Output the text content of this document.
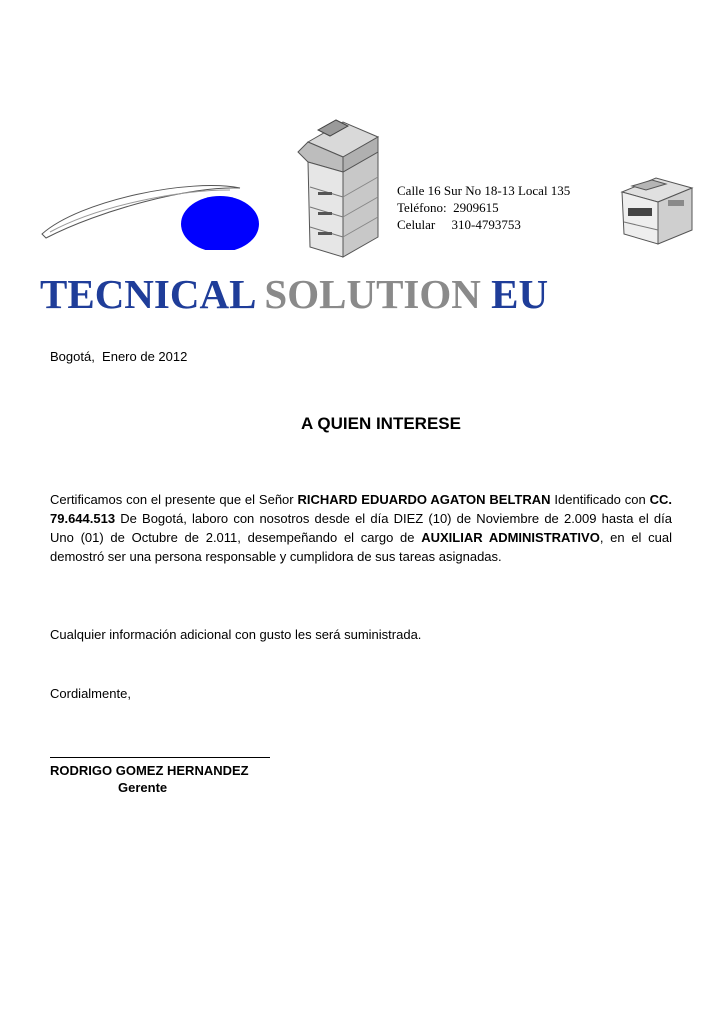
Calle 16 Sur No 18-13 Local 135
Teléfono:  2909615
Celular     310-4793753
TECNICAL SOLUTION EU
Bogotá,  Enero de 2012
A QUIEN INTERESE
Certificamos con el presente que el Señor RICHARD EDUARDO AGATON BELTRAN Identificado con CC. 79.644.513 De Bogotá, laboro con nosotros desde el día DIEZ (10) de Noviembre de 2.009 hasta el día Uno (01) de Octubre de 2.011, desempeñando el cargo de AUXILIAR ADMINISTRATIVO, en el cual demostró ser una persona responsable y cumplidora de sus tareas asignadas.
Cualquier información adicional con gusto les será suministrada.
Cordialmente,
RODRIGO GOMEZ HERNANDEZ
Gerente
